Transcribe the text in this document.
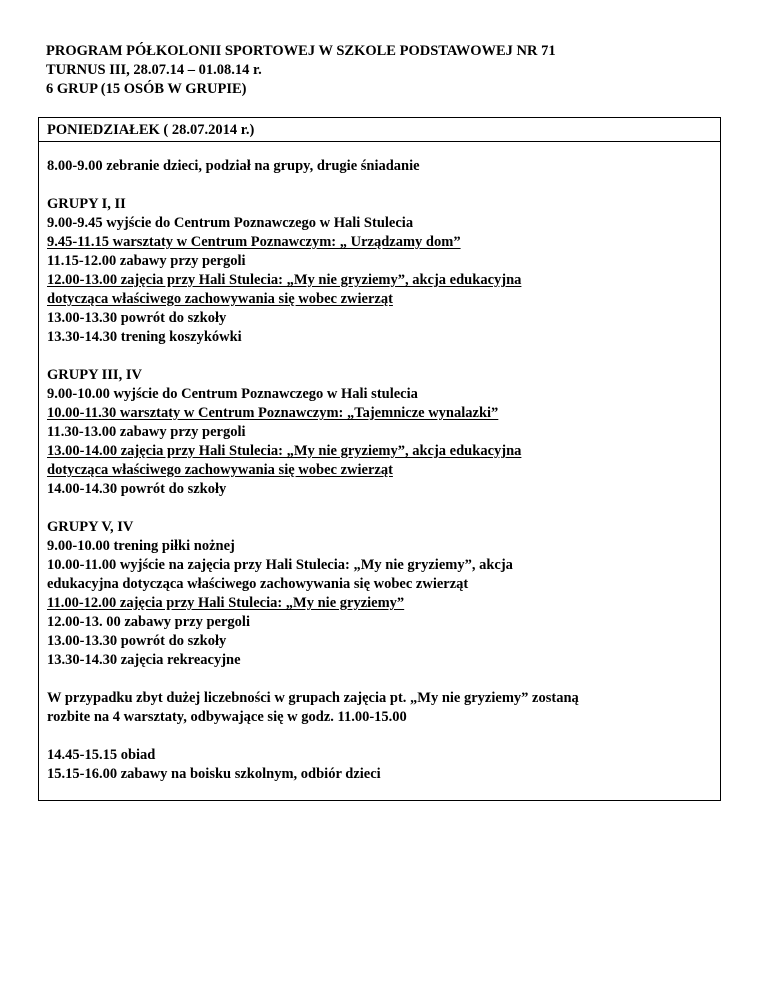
PROGRAM PÓŁKOLONII SPORTOWEJ W SZKOLE PODSTAWOWEJ NR 71
TURNUS III, 28.07.14 – 01.08.14 r.
6 GRUP (15 OSÓB W GRUPIE)
PONIEDZIAŁEK ( 28.07.2014 r.)
8.00-9.00 zebranie dzieci, podział na grupy, drugie śniadanie
GRUPY I, II
9.00-9.45 wyjście do Centrum Poznawczego w Hali Stulecia
9.45-11.15 warsztaty w Centrum Poznawczym: „ Urządzamy dom”
11.15-12.00 zabawy przy pergoli
12.00-13.00 zajęcia przy Hali Stulecia: „My nie gryziemy”, akcja edukacyjna
dotycząca właściwego zachowywania się wobec zwierząt
13.00-13.30 powrót do szkoły
13.30-14.30 trening koszykówki
GRUPY III, IV
9.00-10.00 wyjście do Centrum Poznawczego w Hali stulecia
10.00-11.30 warsztaty w Centrum Poznawczym: „Tajemnicze wynalazki”
11.30-13.00 zabawy przy pergoli
13.00-14.00 zajęcia przy Hali Stulecia: „My nie gryziemy”, akcja edukacyjna
dotycząca właściwego zachowywania się wobec zwierząt
14.00-14.30 powrót do szkoły
GRUPY V, IV
9.00-10.00 trening piłki nożnej
10.00-11.00 wyjście na zajęcia przy Hali Stulecia: „My nie gryziemy”, akcja
edukacyjna dotycząca właściwego zachowywania się wobec zwierząt
11.00-12.00 zajęcia przy Hali Stulecia: „My nie gryziemy”
12.00-13. 00 zabawy przy pergoli
13.00-13.30 powrót do szkoły
13.30-14.30 zajęcia rekreacyjne
W przypadku zbyt dużej liczebności w grupach zajęcia pt. „My nie gryziemy” zostaną
rozbite na 4 warsztaty, odbywające się w godz. 11.00-15.00
14.45-15.15 obiad
15.15-16.00 zabawy na boisku szkolnym, odbiór dzieci
